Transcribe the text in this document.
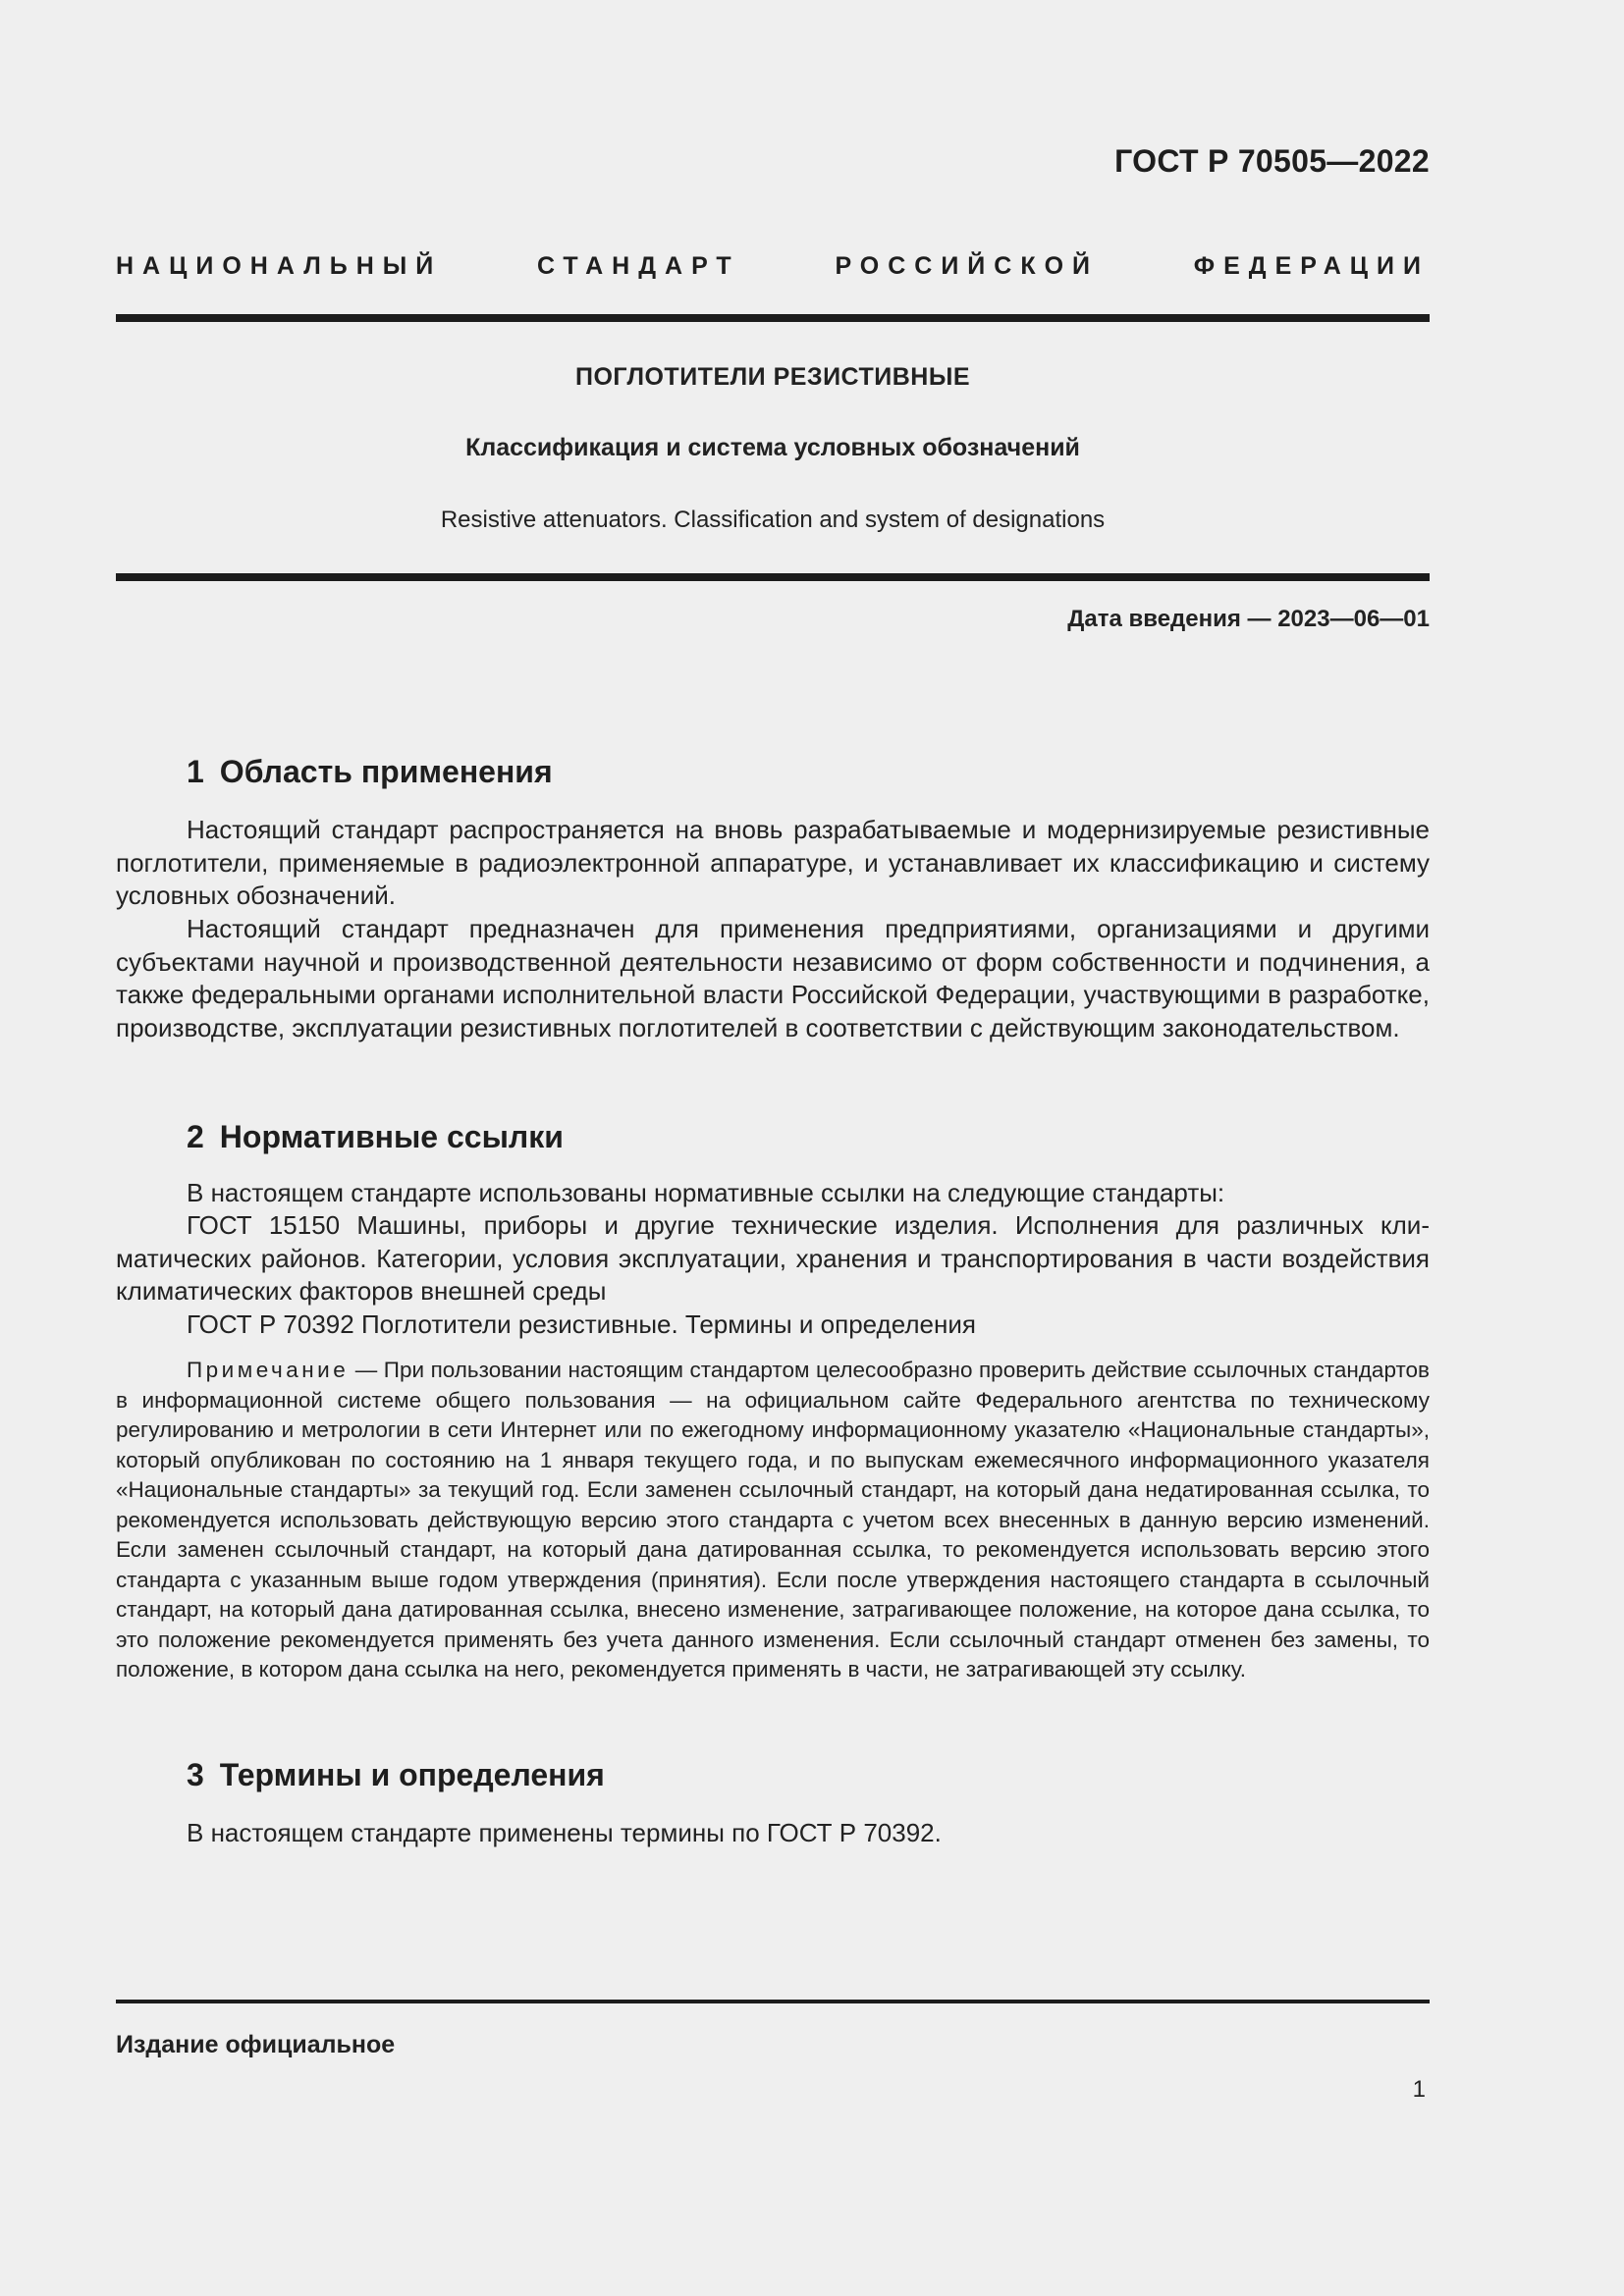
ГОСТ Р 70505—2022
НАЦИОНАЛЬНЫЙ СТАНДАРТ РОССИЙСКОЙ ФЕДЕРАЦИИ
ПОГЛОТИТЕЛИ РЕЗИСТИВНЫЕ
Классификация и система условных обозначений
Resistive attenuators. Classification and system of designations
Дата введения — 2023—06—01
1 Область применения

Настоящий стандарт распространяется на вновь разрабатываемые и модернизируемые резистивные поглотители, применяемые в радиоэлектронной аппаратуре, и устанавливает их классификацию и систему условных обозначений.

Настоящий стандарт предназначен для применения предприятиями, организациями и другими субъектами научной и производственной деятельности независимо от форм собственности и подчинения, а также федеральными органами исполнительной власти Российской Федерации, участвующими в разработке, производстве, эксплуатации резистивных поглотителей в соответствии с действующим законодательством.

2 Нормативные ссылки

В настоящем стандарте использованы нормативные ссылки на следующие стандарты:

ГОСТ 15150 Машины, приборы и другие технические изделия. Исполнения для различных климатических районов. Категории, условия эксплуатации, хранения и транспортирования в части воздействия климатических факторов внешней среды

ГОСТ Р 70392 Поглотители резистивные. Термины и определения

Примечание — При пользовании настоящим стандартом целесообразно проверить действие ссылочных стандартов в информационной системе общего пользования — на официальном сайте Федерального агентства по техническому регулированию и метрологии в сети Интернет или по ежегодному информационному указателю «Национальные стандарты», который опубликован по состоянию на 1 января текущего года, и по выпускам ежемесячного информационного указателя «Национальные стандарты» за текущий год. Если заменен ссылочный стандарт, на который дана недатированная ссылка, то рекомендуется использовать действующую версию этого стандарта с учетом всех внесенных в данную версию изменений. Если заменен ссылочный стандарт, на который дана датированная ссылка, то рекомендуется использовать версию этого стандарта с указанным выше годом утверждения (принятия). Если после утверждения настоящего стандарта в ссылочный стандарт, на который дана датированная ссылка, внесено изменение, затрагивающее положение, на которое дана ссылка, то это положение рекомендуется применять без учета данного изменения. Если ссылочный стандарт отменен без замены, то положение, в котором дана ссылка на него, рекомендуется применять в части, не затрагивающей эту ссылку.

3 Термины и определения

В настоящем стандарте применены термины по ГОСТ Р 70392.

Издание официальное
1
